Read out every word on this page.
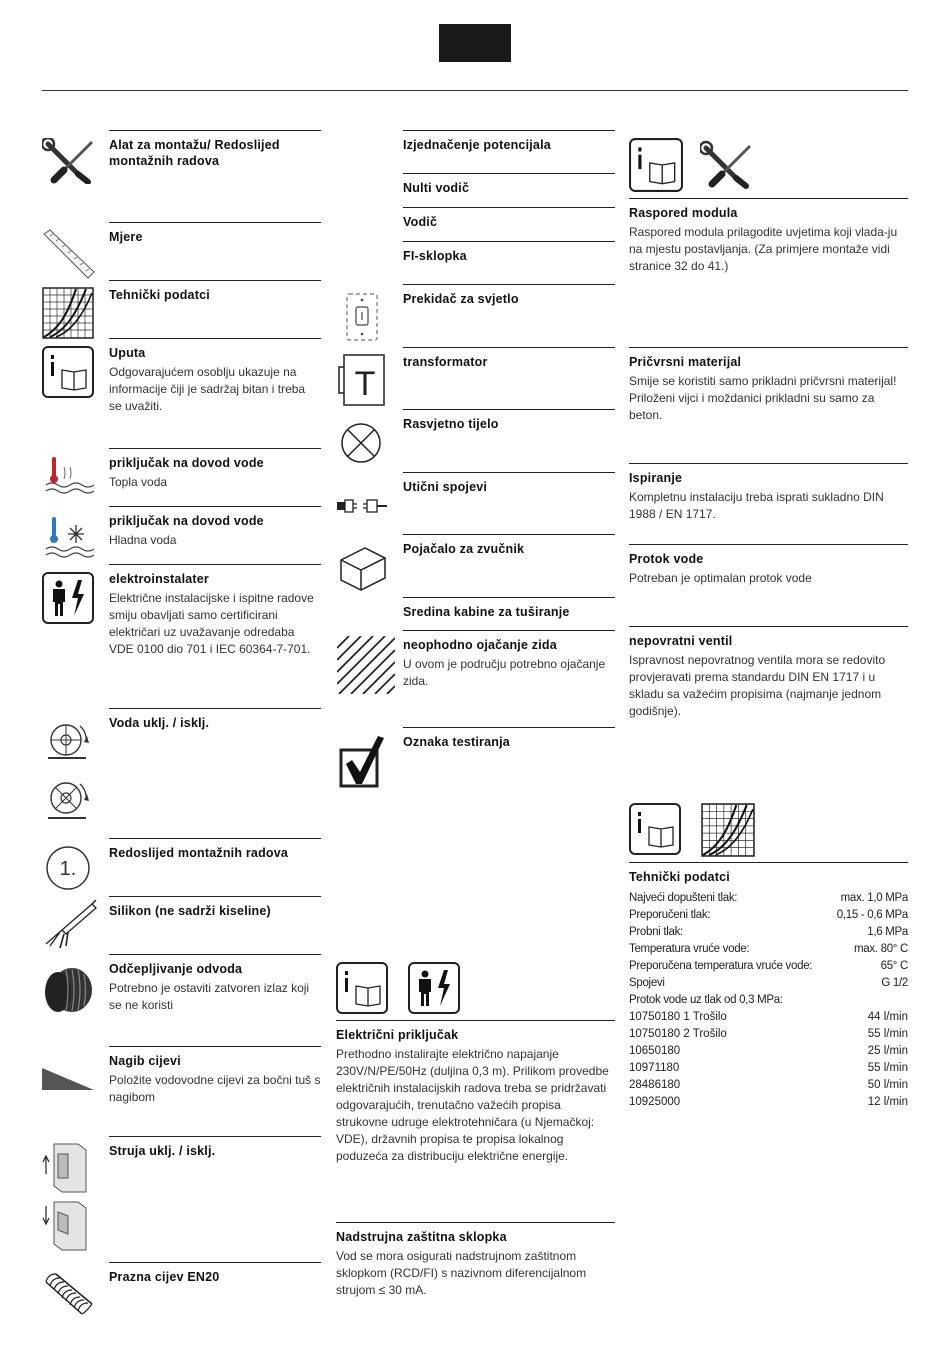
1.
Alat za montažu/ Redoslijed montažnih radova
Mjere
Tehnički podatci
Uputa
Odgovarajućem osoblju ukazuje na informacije čiji je sadržaj bitan i treba se uvažiti.
priključak na dovod vode
Topla voda
priključak na dovod vode
Hladna voda
elektroinstalater
Električne instalacijske i ispitne radove smiju obavljati samo certificirani električari uz uvažavanje odredaba VDE 0100 dio 701 i IEC 60364-7-701.
Voda uklj. / isklj.
Redoslijed montažnih radova
Silikon (ne sadrži kiseline)
Odčepljivanje odvoda
Potrebno je ostaviti zatvoren izlaz koji se ne koristi
Nagib cijevi
Položite vodovodne cijevi za bočni tuš s nagibom
Struja uklj. / isklj.
Prazna cijev EN20
T
Izjednačenje potencijala
Nulti vodič
Vodič
FI-sklopka
Prekidač za svjetlo
transformator
Rasvjetno tijelo
Utični spojevi
Pojačalo za zvučnik
Sredina kabine za tuširanje
neophodno ojačanje zida
U ovom je području potrebno ojačanje zida.
Oznaka testiranja
Električni priključak
Prethodno instalirajte električno napajanje 230V/N/PE/50Hz (duljina 0,3 m). Prilikom provedbe električnih instalacijskih radova treba se pridržavati odgovarajućih, trenutačno važećih propisa strukovne udruge elektrotehničara (u Njemačkoj: VDE), državnih propisa te propisa lokalnog poduzeća za distribuciju električne energije.
Nadstrujna zaštitna sklopka
Vod se mora osigurati nadstrujnom zaštitnom sklopkom (RCD/FI) s nazivnom diferencijalnom strujom ≤ 30 mA.
Raspored modula
Raspored modula prilagodite uvjetima koji vlada-ju na mjestu postavljanja. (Za primjere montaže vidi stranice 32 do 41.)
Pričvrsni materijal
Smije se koristiti samo prikladni pričvrsni materijal! Priloženi vijci i moždanici prikladni su samo za beton.
Ispiranje
Kompletnu instalaciju treba isprati sukladno DIN 1988 / EN 1717.
Protok vode
Potreban je optimalan protok vode
nepovratni ventil
Ispravnost nepovratnog ventila mora se redovito provjeravati prema standardu DIN EN 1717 i u skladu sa važećim propisima (najmanje jednom godišnje).
Tehnički podatci
Najveći dopušteni tlak:	max. 1,0 MPa
Preporučeni tlak:	0,15 - 0,6 MPa
Probni tlak:	1,6 MPa
Temperatura vruće vode:	max. 80° C
Preporučena temperatura vruće vode:	65° C
Spojevi	G 1/2
Protok vode uz tlak od 0,3 MPa:
10750180 1 Trošilo	44 l/min
10750180 2 Trošilo	55 l/min
10650180	25 l/min
10971180	55 l/min
28486180	50 l/min
10925000	12 l/min
